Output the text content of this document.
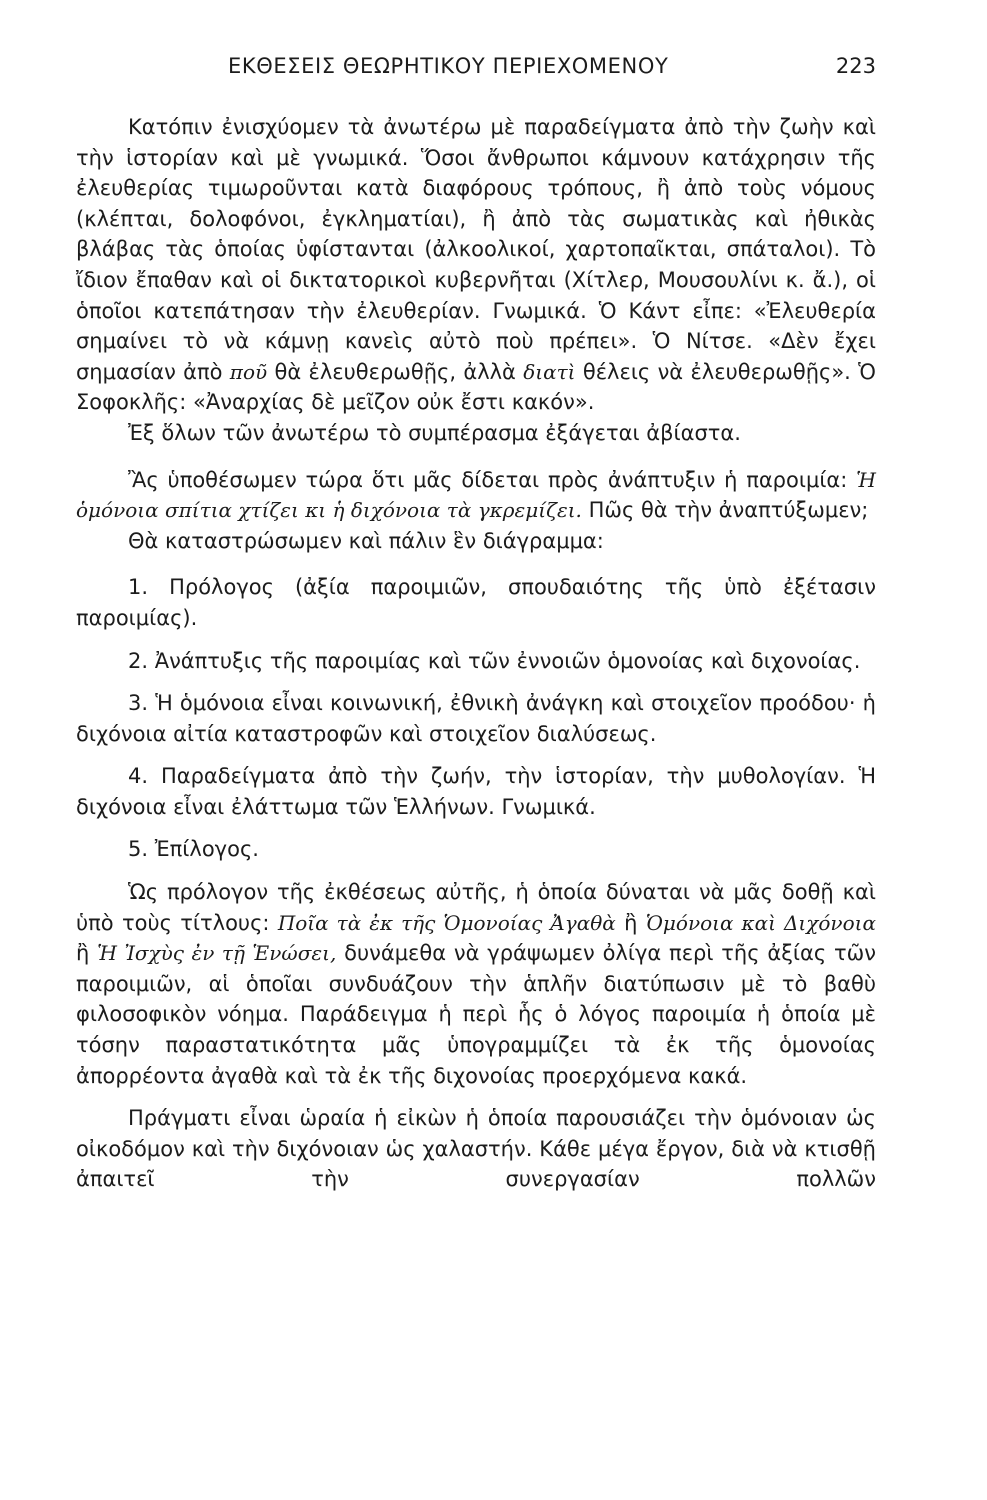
ΕΚΘΕΣΕΙΣ ΘΕΩΡΗΤΙΚΟΥ ΠΕΡΙΕΧΟΜΕΝΟΥ	223

Κατόπιν ἐνισχύομεν τὰ ἀνωτέρω μὲ παραδείγματα ἀπὸ τὴν ζωὴν καὶ τὴν ἱστορίαν καὶ μὲ γνωμικά. Ὅσοι ἄνθρωποι κάμνουν κατάχρησιν τῆς ἐλευθερίας τιμωροῦνται κατὰ διαφόρους τρόπους, ἢ ἀπὸ τοὺς νόμους (κλέπται, δολοφόνοι, ἐγκληματίαι), ἢ ἀπὸ τὰς σωματικὰς καὶ ἠθικὰς βλάβας τὰς ὁποίας ὑφίστανται (ἀλκοολικοί, χαρτοπαῖκται, σπάταλοι). Τὸ ἴδιον ἔπαθαν καὶ οἱ δικτατορικοὶ κυβερνῆται (Χίτλερ, Μουσουλίνι κ. ἄ.), οἱ ὁποῖοι κατεπάτησαν τὴν ἐλευθερίαν. Γνωμικά. Ὁ Κάντ εἶπε: «Ἐλευθερία σημαίνει τὸ νὰ κάμνῃ κανεὶς αὐτὸ ποὺ πρέπει». Ὁ Νίτσε. «Δὲν ἔχει σημασίαν ἀπὸ ποῦ θὰ ἐλευθερωθῇς, ἀλλὰ διατὶ θέλεις νὰ ἐλευθερωθῇς». Ὁ Σοφοκλῆς: «Ἀναρχίας δὲ μεῖζον οὐκ ἔστι κακόν».

Ἐξ ὅλων τῶν ἀνωτέρω τὸ συμπέρασμα ἐξάγεται ἀβίαστα.

Ἂς ὑποθέσωμεν τώρα ὅτι μᾶς δίδεται πρὸς ἀνάπτυξιν ἡ παροιμία: Ἡ ὁμόνοια σπίτια χτίζει κι ἡ διχόνοια τὰ γκρεμίζει. Πῶς θὰ τὴν ἀναπτύξωμεν;

Θὰ καταστρώσωμεν καὶ πάλιν ἓν διάγραμμα:

1. Πρόλογος (ἀξία παροιμιῶν, σπουδαιότης τῆς ὑπὸ ἐξέτασιν παροιμίας).

2. Ἀνάπτυξις τῆς παροιμίας καὶ τῶν ἐννοιῶν ὁμονοίας καὶ διχονοίας.

3. Ἡ ὁμόνοια εἶναι κοινωνική, ἐθνικὴ ἀνάγκη καὶ στοιχεῖον προόδου· ἡ διχόνοια αἰτία καταστροφῶν καὶ στοιχεῖον διαλύσεως.

4. Παραδείγματα ἀπὸ τὴν ζωήν, τὴν ἱστορίαν, τὴν μυθολογίαν. Ἡ διχόνοια εἶναι ἐλάττωμα τῶν Ἑλλήνων. Γνωμικά.

5. Ἐπίλογος.

Ὡς πρόλογον τῆς ἐκθέσεως αὐτῆς, ἡ ὁποία δύναται νὰ μᾶς δοθῇ καὶ ὑπὸ τοὺς τίτλους: Ποῖα τὰ ἐκ τῆς Ὁμονοίας Ἀγαθὰ ἢ Ὁμόνοια καὶ Διχόνοια ἢ Ἡ Ἰσχὺς ἐν τῇ Ἑνώσει, δυνάμεθα νὰ γράψωμεν ὀλίγα περὶ τῆς ἀξίας τῶν παροιμιῶν, αἱ ὁποῖαι συνδυάζουν τὴν ἁπλῆν διατύπωσιν μὲ τὸ βαθὺ φιλοσοφικὸν νόημα. Παράδειγμα ἡ περὶ ἧς ὁ λόγος παροιμία ἡ ὁποία μὲ τόσην παραστατικότητα μᾶς ὑπογραμμίζει τὰ ἐκ τῆς ὁμονοίας ἀπορρέοντα ἀγαθὰ καὶ τὰ ἐκ τῆς διχονοίας προερχόμενα κακά.

Πράγματι εἶναι ὡραία ἡ εἰκὼν ἡ ὁποία παρουσιάζει τὴν ὁμόνοιαν ὡς οἰκοδόμον καὶ τὴν διχόνοιαν ὡς χαλαστήν. Κάθε μέγα ἔργον, διὰ νὰ κτισθῇ ἀπαιτεῖ τὴν συνεργασίαν πολλῶν
